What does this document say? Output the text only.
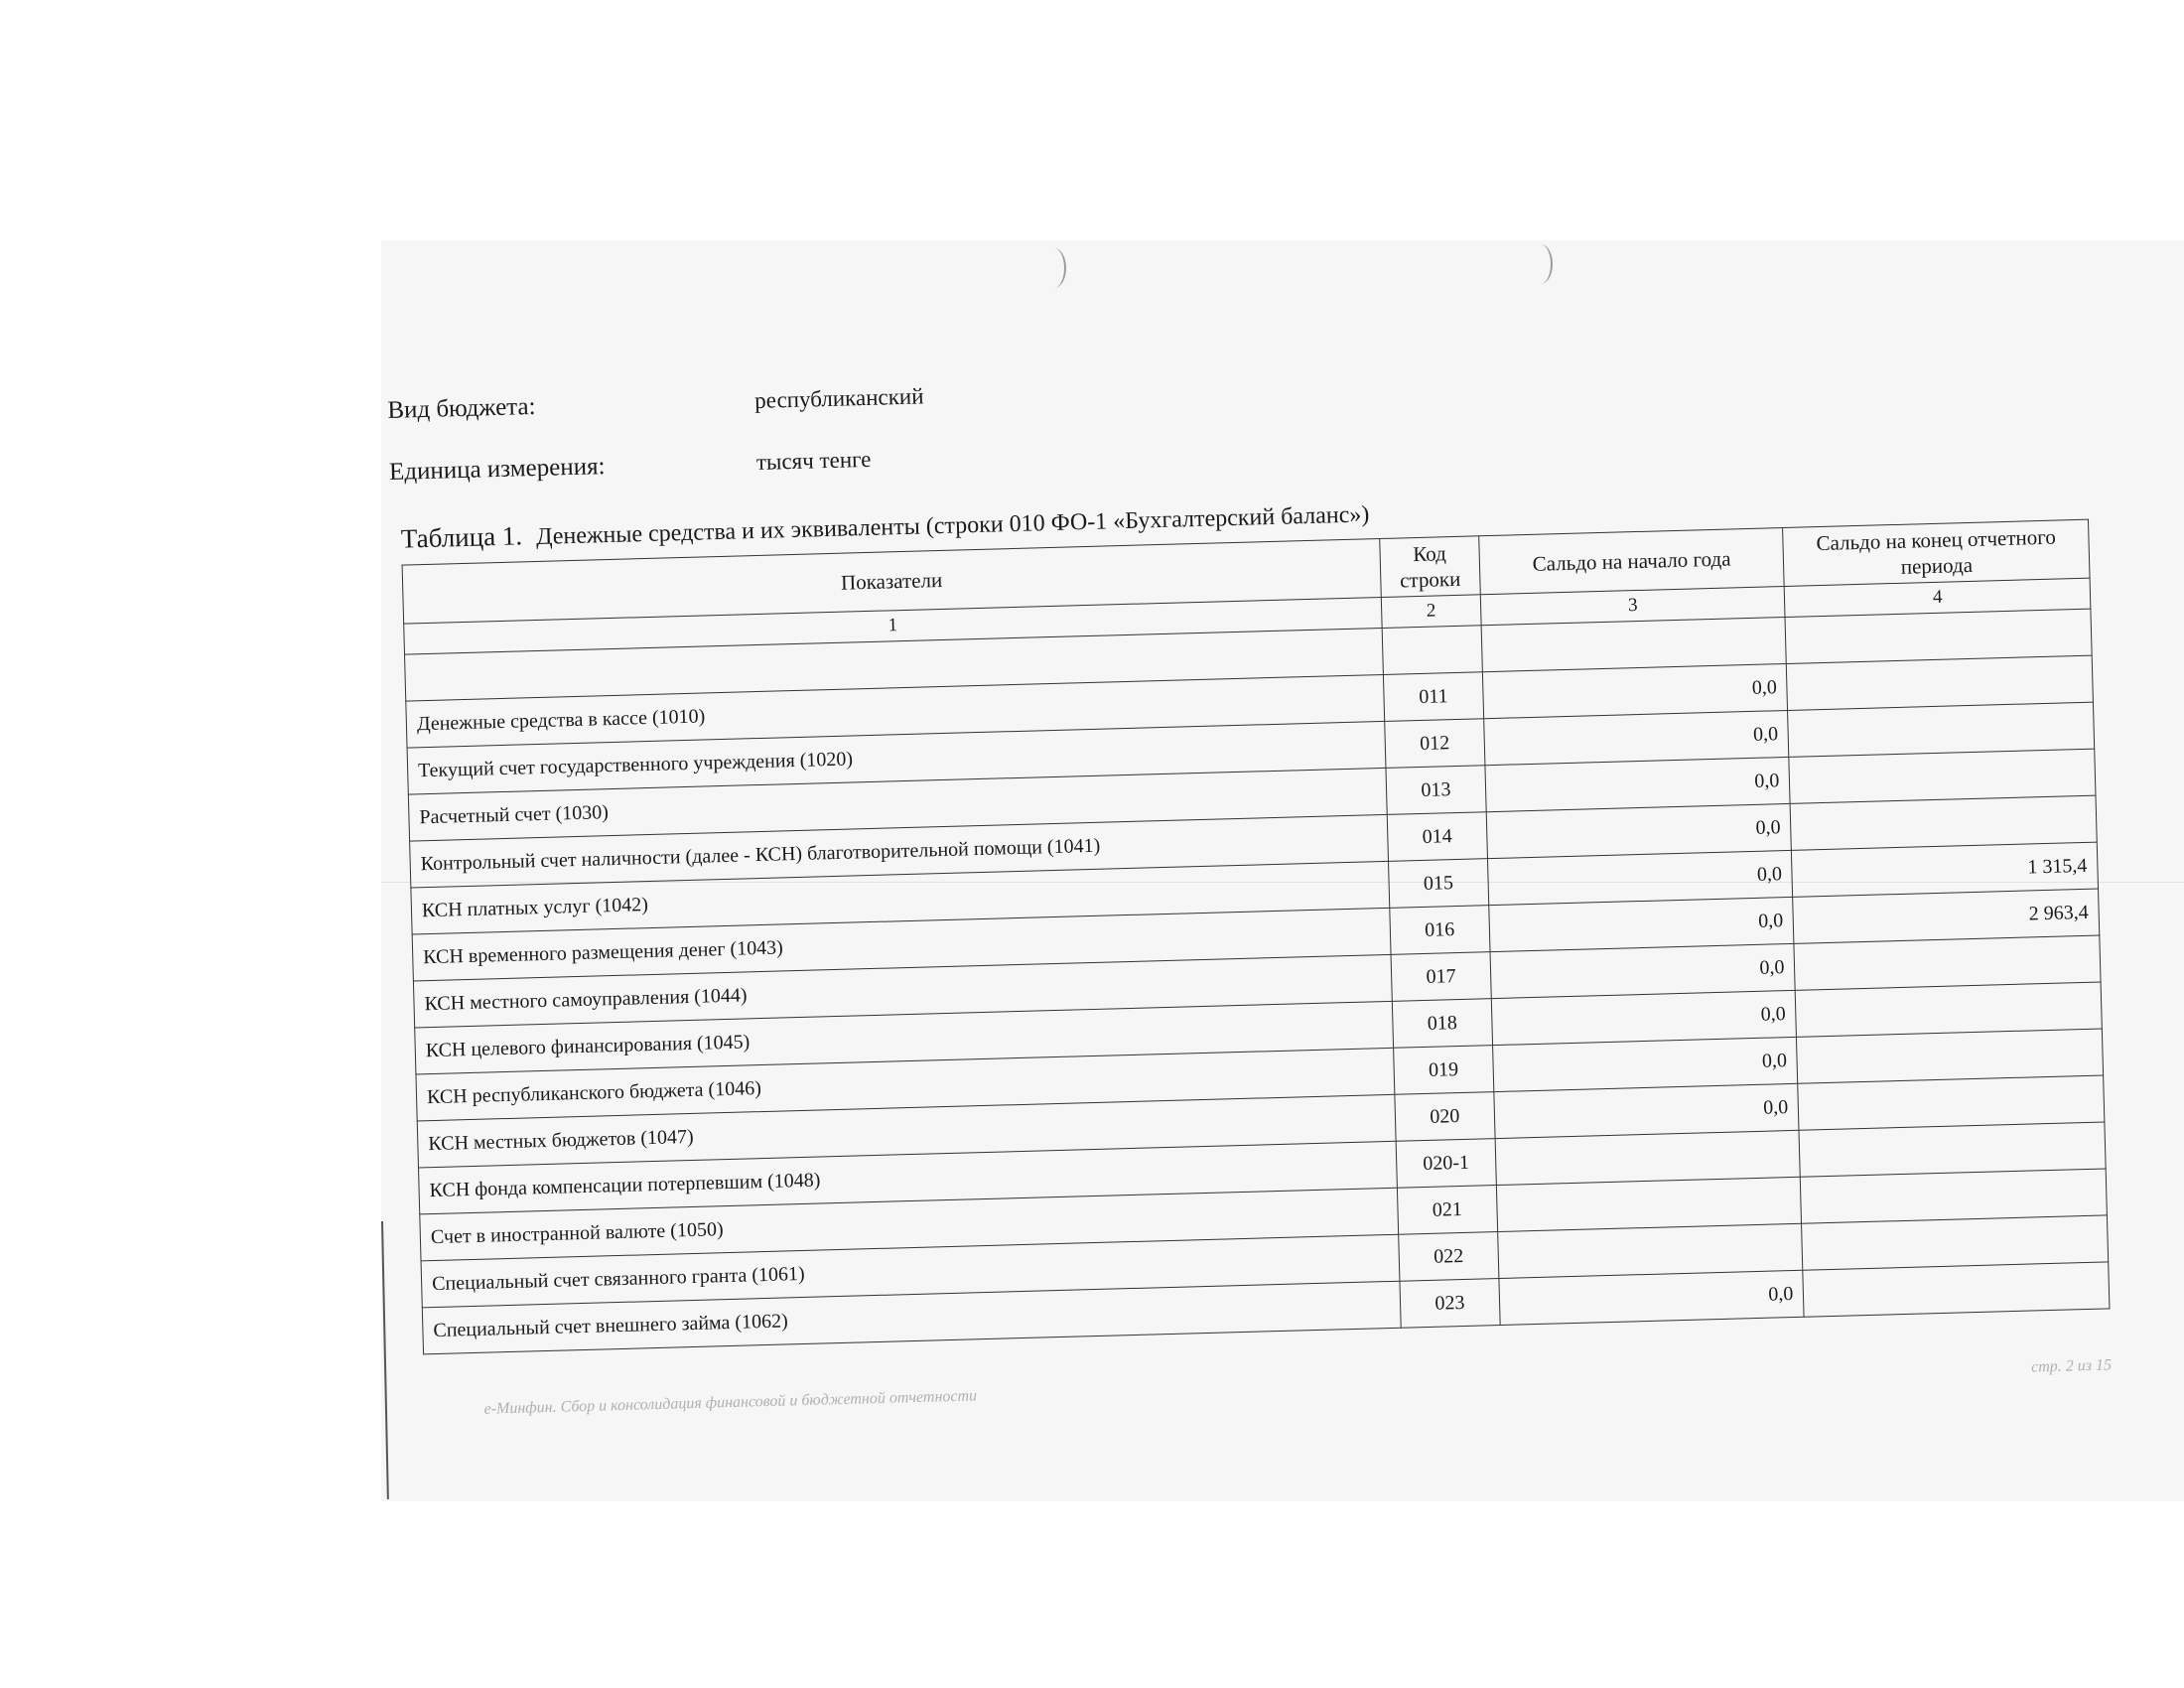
Вид бюджета:	республиканский
Единица измерения:	тысяч тенге
Таблица 1. Денежные средства и их эквиваленты (строки 010 ФО-1 «Бухгалтерский баланс»)
Показатели	Код строки	Сальдо на начало года	Сальдо на конец отчетного периода
1	2	3	4

Денежные средства в кассе (1010)	011	0,0	
Текущий счет государственного учреждения (1020)	012	0,0	
Расчетный счет (1030)	013	0,0	
Контрольный счет наличности (далее - КСН) благотворительной помощи (1041)	014	0,0	
КСН платных услуг (1042)	015	0,0	1 315,4
КСН временного размещения денег (1043)	016	0,0	2 963,4
КСН местного самоуправления (1044)	017	0,0	
КСН целевого финансирования (1045)	018	0,0	
КСН республиканского бюджета (1046)	019	0,0	
КСН местных бюджетов (1047)	020	0,0	
КСН фонда компенсации потерпевшим (1048)	020-1		
Счет в иностранной валюте (1050)	021		
Специальный счет связанного гранта (1061)	022		
Специальный счет внешнего займа (1062)	023	0,0	
e-Минфин. Сбор и консолидация финансовой и бюджетной отчетности
стр. 2 из 15
